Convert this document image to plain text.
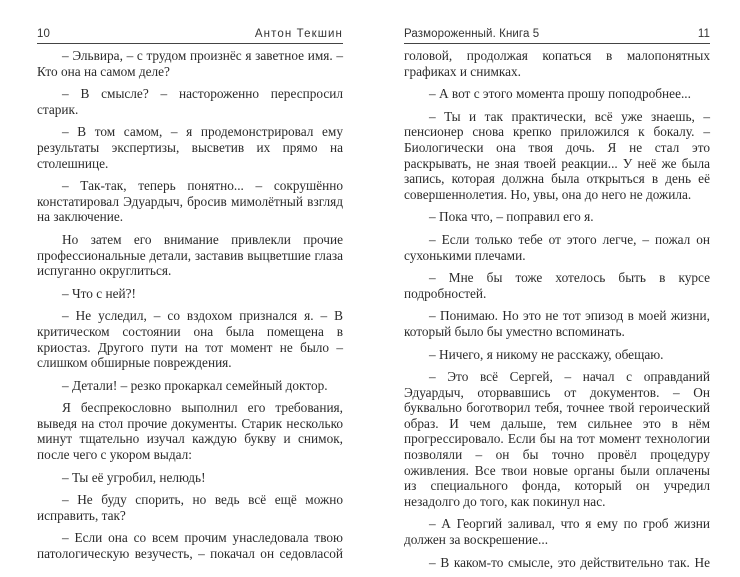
10	Антон Текшин

– Эльвира, – с трудом произнёс я заветное имя. – Кто она на самом деле?

– В смысле? – настороженно переспросил старик.

– В том самом, – я продемонстрировал ему результаты экспертизы, высветив их прямо на столешнице.

– Так-так, теперь понятно... – сокрушённо констатировал Эдуардыч, бросив мимолётный взгляд на заключение.

Но затем его внимание привлекли прочие профессиональные детали, заставив выцветшие глаза испуганно округлиться.

– Что с ней?!

– Не уследил, – со вздохом признался я. – В критическом состоянии она была помещена в криостаз. Другого пути на тот момент не было – слишком обширные повреждения.

– Детали! – резко прокаркал семейный доктор.

Я беспрекословно выполнил его требования, выведя на стол прочие документы. Старик несколько минут тщательно изучал каждую букву и снимок, после чего с укором выдал:

– Ты её угробил, нелюдь!

– Не буду спорить, но ведь всё ещё можно исправить, так?

– Если она со всем прочим унаследовала твою патологическую везучесть, – покачал он седовласой

Размороженный. Книга 5	11

головой, продолжая копаться в малопонятных графиках и снимках.

– А вот с этого момента прошу поподробнее...

– Ты и так практически, всё уже знаешь, – пенсионер снова крепко приложился к бокалу. – Биологически она твоя дочь. Я не стал это раскрывать, не зная твоей реакции... У неё же была запись, которая должна была открыться в день её совершеннолетия. Но, увы, она до него не дожила.

– Пока что, – поправил его я.

– Если только тебе от этого легче, – пожал он сухонькими плечами.

– Мне бы тоже хотелось быть в курсе подробностей.

– Понимаю. Но это не тот эпизод в моей жизни, который было бы уместно вспоминать.

– Ничего, я никому не расскажу, обещаю.

– Это всё Сергей, – начал с оправданий Эдуардыч, оторвавшись от документов. – Он буквально боготворил тебя, точнее твой героический образ. И чем дальше, тем сильнее это в нём прогрессировало. Если бы на тот момент технологии позволяли – он бы точно провёл процедуру оживления. Все твои новые органы были оплачены из специального фонда, который он учредил незадолго до того, как покинул нас.

– А Георгий заливал, что я ему по гроб жизни должен за воскрешение...

– В каком-то смысле, это действительно так. Не
